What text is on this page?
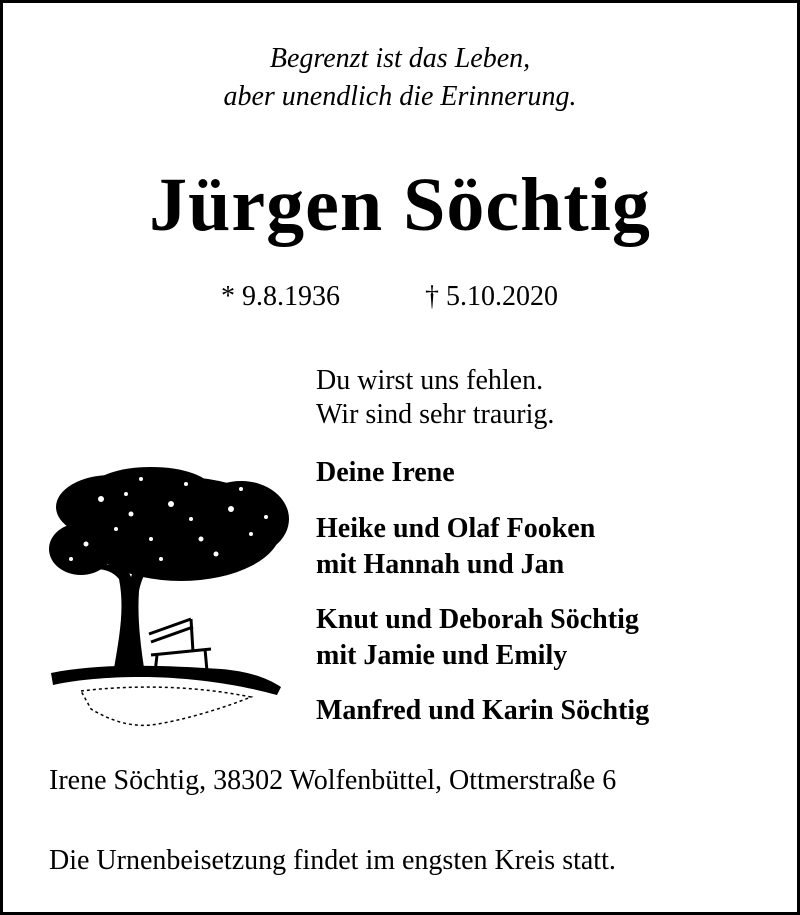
Begrenzt ist das Leben,
aber unendlich die Erinnerung.
Jürgen Söchtig
* 9.8.1936	† 5.10.2020
Du wirst uns fehlen.
Wir sind sehr traurig.
Deine Irene
Heike und Olaf Fooken
mit Hannah und Jan
Knut und Deborah Söchtig
mit Jamie und Emily
Manfred und Karin Söchtig
Irene Söchtig, 38302 Wolfenbüttel, Ottmerstraße 6
Die Urnenbeisetzung findet im engsten Kreis statt.
